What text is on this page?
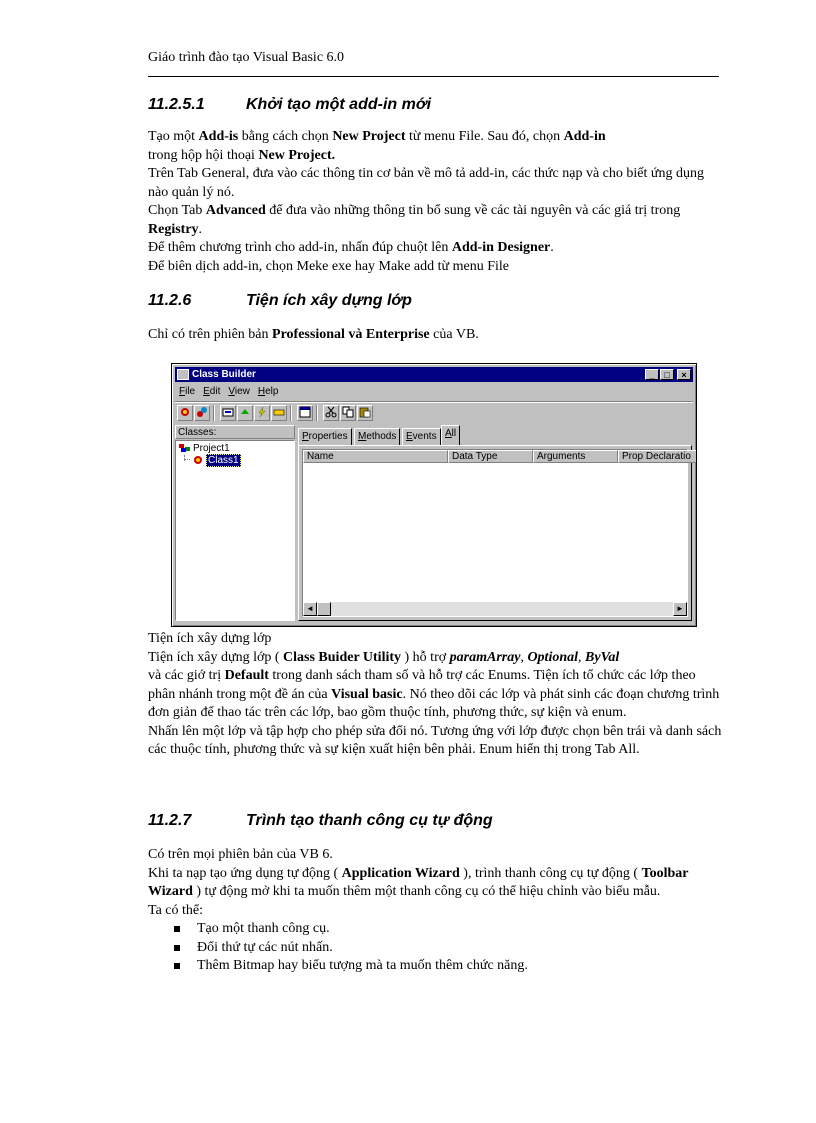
Giáo trình đào tạo Visual Basic 6.0
11.2.5.1	Khởi tạo một add-in mới

Tạo một Add-is bằng cách chọn New Project từ menu File. Sau đó, chọn Add-in
trong hộp hội thoại New Project.

Trên Tab General, đưa vào các thông tin cơ bản về mô tả add-in, các thức nạp và cho biết ứng dụng nào quản lý nó.

Chọn Tab Advanced để đưa vào những thông tin bổ sung về các tài nguyên và các giá trị trong Registry.

Để thêm chương trình cho add-in, nhấn đúp chuột lên Add-in Designer.

Để biên dịch add-in, chọn Meke exe hay Make add từ menu File

11.2.6	Tiện ích xây dựng lớp

Chỉ có trên phiên bản Professional và Enterprise của VB.

Class Builder	_	□	×
File Edit View Help
Classes:
Project1
Class1
Properties	Methods Events All
Name	Data Type	Arguments	Prop Declaratio
◄	►

Tiện ích xây dựng lớp

Tiện ích xây dựng lớp ( Class Buider Utility ) hỗ trợ paramArray, Optional, ByVal
và các giớ trị Default trong danh sách tham số và hỗ trợ các Enums. Tiện ích tổ chức các lớp theo phân nhánh trong một đề án của Visual basic. Nó theo dõi các lớp và phát sinh các đoạn chương trình đơn giản để thao tác trên các lớp, bao gồm thuộc tính, phương thức, sự kiện và enum.

Nhấn lên một lớp và tập hợp cho phép sửa đổi nó. Tương ứng với lớp được chọn bên trái và danh sách các thuộc tính, phương thức và sự kiện xuất hiện bên phải. Enum hiển thị trong Tab All.

11.2.7	Trình tạo thanh công cụ tự động

Có trên mọi phiên bản của VB 6.

Khi ta nạp tạo ứng dụng tự động ( Application Wizard ), trình thanh công cụ tự động ( Toolbar Wizard ) tự động mở khi ta muốn thêm một thanh công cụ có thể hiệu chỉnh vào biểu mẫu.

Ta có thể:

Tạo một thanh công cụ.
Đổi thứ tự các nút nhấn.
Thêm Bitmap hay biểu tượng mà ta muốn thêm chức năng.
